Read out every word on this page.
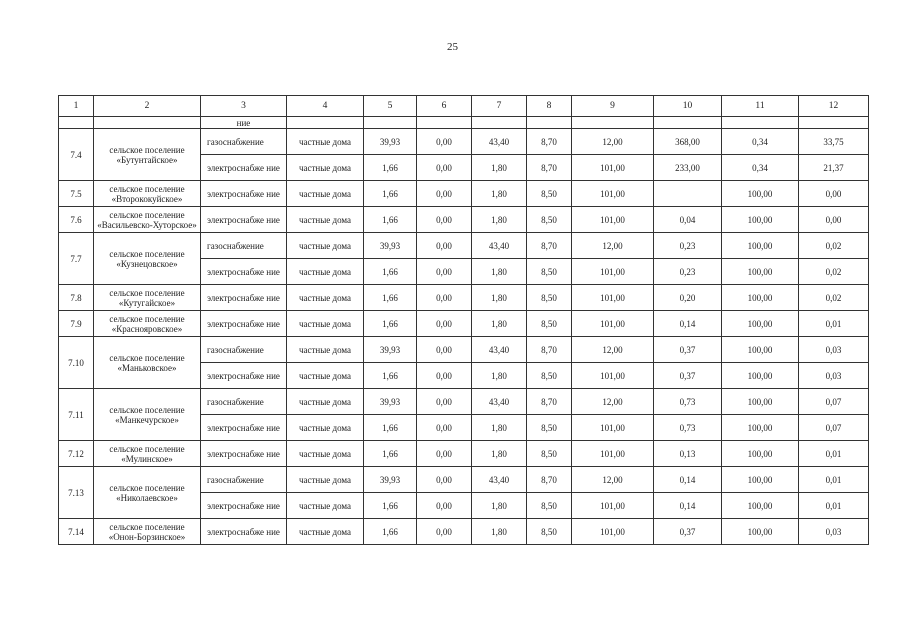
25
1	2	3	4	5	6	7	8	9	10	11	12
		ние									
7.4	сельское поселение «Бутунтайское»	газоснабжение	частные дома	39,93	0,00	43,40	8,70	12,00	368,00	0,34	33,75
		электроснабже ние	частные дома	1,66	0,00	1,80	8,70	101,00	233,00	0,34	21,37
7.5	сельское поселение «Вторококуйское»	электроснабже ние	частные дома	1,66	0,00	1,80	8,50	101,00		100,00	0,00
7.6	сельское поселение «Васильевско-Хуторское»	электроснабже ние	частные дома	1,66	0,00	1,80	8,50	101,00	0,04	100,00	0,00
7.7	сельское поселение «Кузнецовское»	газоснабжение	частные дома	39,93	0,00	43,40	8,70	12,00	0,23	100,00	0,02
		электроснабже ние	частные дома	1,66	0,00	1,80	8,50	101,00	0,23	100,00	0,02
7.8	сельское поселение «Кутугайское»	электроснабже ние	частные дома	1,66	0,00	1,80	8,50	101,00	0,20	100,00	0,02
7.9	сельское поселение «Краснояровское»	электроснабже ние	частные дома	1,66	0,00	1,80	8,50	101,00	0,14	100,00	0,01
7.10	сельское поселение «Маньковское»	газоснабжение	частные дома	39,93	0,00	43,40	8,70	12,00	0,37	100,00	0,03
		электроснабже ние	частные дома	1,66	0,00	1,80	8,50	101,00	0,37	100,00	0,03
7.11	сельское поселение «Манкечурское»	газоснабжение	частные дома	39,93	0,00	43,40	8,70	12,00	0,73	100,00	0,07
		электроснабже ние	частные дома	1,66	0,00	1,80	8,50	101,00	0,73	100,00	0,07
7.12	сельское поселение «Мулинское»	электроснабже ние	частные дома	1,66	0,00	1,80	8,50	101,00	0,13	100,00	0,01
7.13	сельское поселение «Николаевское»	газоснабжение	частные дома	39,93	0,00	43,40	8,70	12,00	0,14	100,00	0,01
		электроснабже ние	частные дома	1,66	0,00	1,80	8,50	101,00	0,14	100,00	0,01
7.14	сельское поселение «Онон-Борзинское»	электроснабже ние	частные дома	1,66	0,00	1,80	8,50	101,00	0,37	100,00	0,03
